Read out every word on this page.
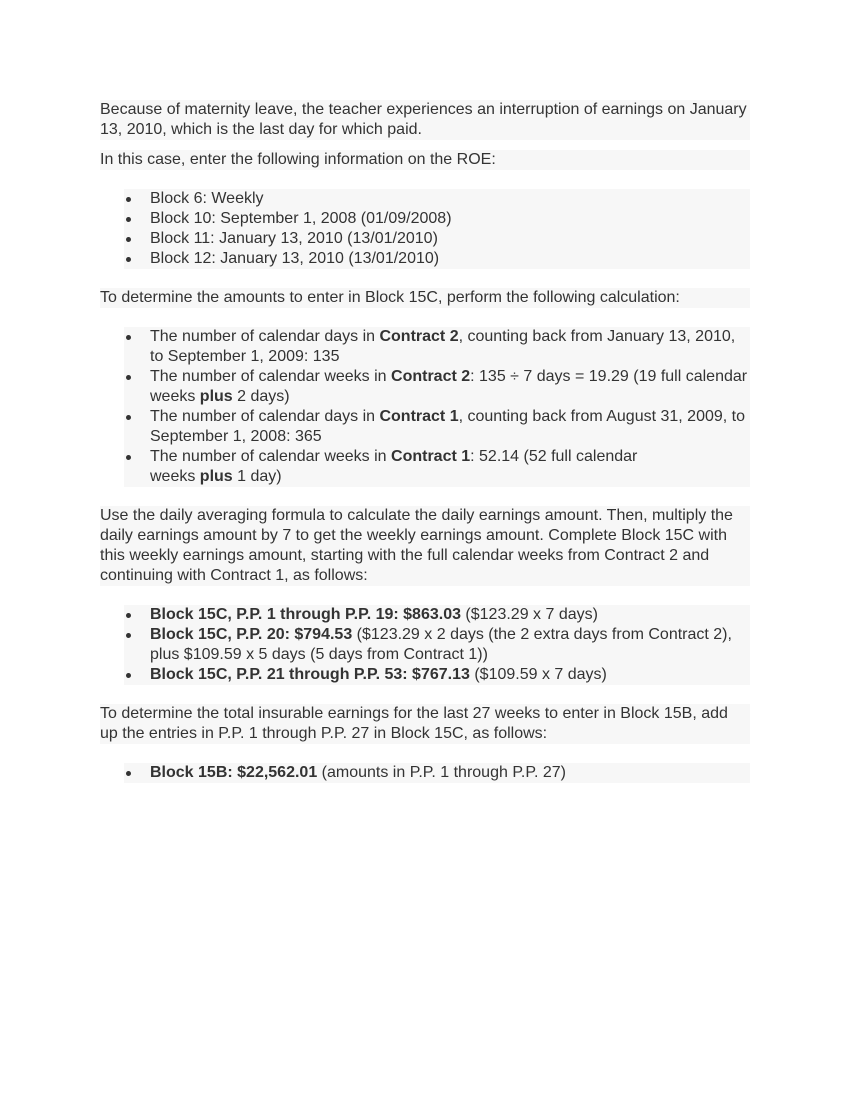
Because of maternity leave, the teacher experiences an interruption of earnings on January 13, 2010, which is the last day for which paid.

In this case, enter the following information on the ROE:

Block 6: Weekly
Block 10: September 1, 2008 (01/09/2008)
Block 11: January 13, 2010 (13/01/2010)
Block 12: January 13, 2010 (13/01/2010)

To determine the amounts to enter in Block 15C, perform the following calculation:

The number of calendar days in Contract 2, counting back from January 13, 2010, to September 1, 2009: 135
The number of calendar weeks in Contract 2: 135 ÷ 7 days = 19.29 (19 full calendar weeks plus 2 days)
The number of calendar days in Contract 1, counting back from August 31, 2009, to September 1, 2008: 365
The number of calendar weeks in Contract 1: 52.14 (52 full calendar weeks plus 1 day)

Use the daily averaging formula to calculate the daily earnings amount. Then, multiply the daily earnings amount by 7 to get the weekly earnings amount. Complete Block 15C with this weekly earnings amount, starting with the full calendar weeks from Contract 2 and continuing with Contract 1, as follows:

Block 15C, P.P. 1 through P.P. 19: $863.03 ($123.29 x 7 days)
Block 15C, P.P. 20: $794.53 ($123.29 x 2 days (the 2 extra days from Contract 2), plus $109.59 x 5 days (5 days from Contract 1))
Block 15C, P.P. 21 through P.P. 53: $767.13 ($109.59 x 7 days)

To determine the total insurable earnings for the last 27 weeks to enter in Block 15B, add up the entries in P.P. 1 through P.P. 27 in Block 15C, as follows:

Block 15B: $22,562.01 (amounts in P.P. 1 through P.P. 27)
